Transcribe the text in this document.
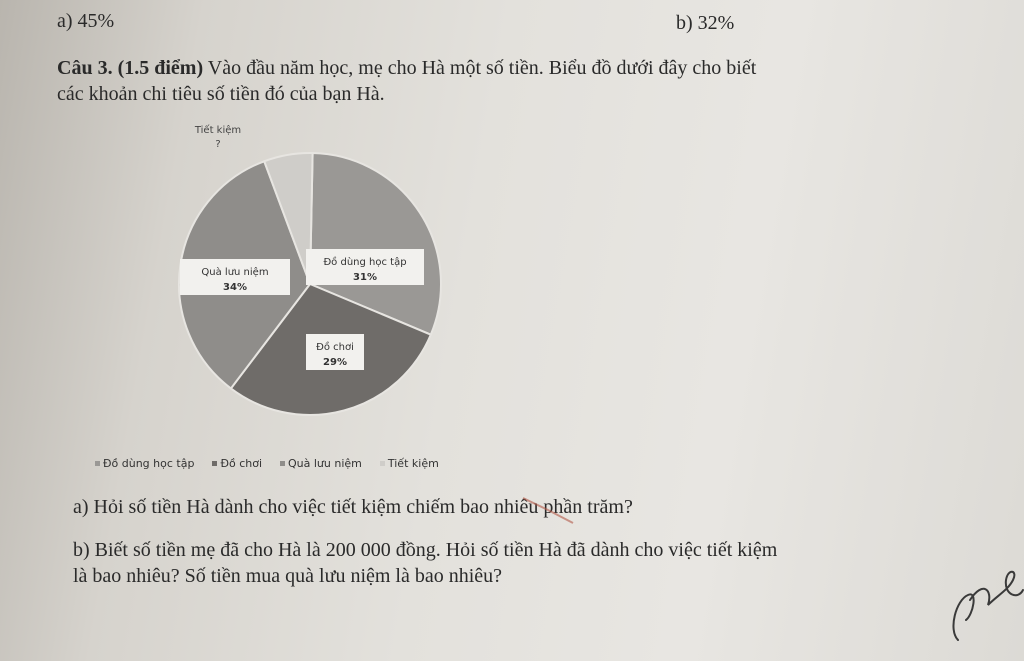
a) 45%	b) 32%
Câu 3. (1.5 điểm) Vào đầu năm học, mẹ cho Hà một số tiền. Biểu đồ dưới đây cho biết
các khoản chi tiêu số tiền đó của bạn Hà.
Đồ dùng học tập
31%
Đồ chơi
29%
Quà lưu niệm
34%
Tiết kiệm
?
Đồ dùng học tập Đồ chơi Quà lưu niệm Tiết kiệm
a) Hỏi số tiền Hà dành cho việc tiết kiệm chiếm bao nhiêu phần trăm?
b) Biết số tiền mẹ đã cho Hà là 200 000 đồng. Hỏi số tiền Hà đã dành cho việc tiết kiệm
là bao nhiêu? Số tiền mua quà lưu niệm là bao nhiêu?
